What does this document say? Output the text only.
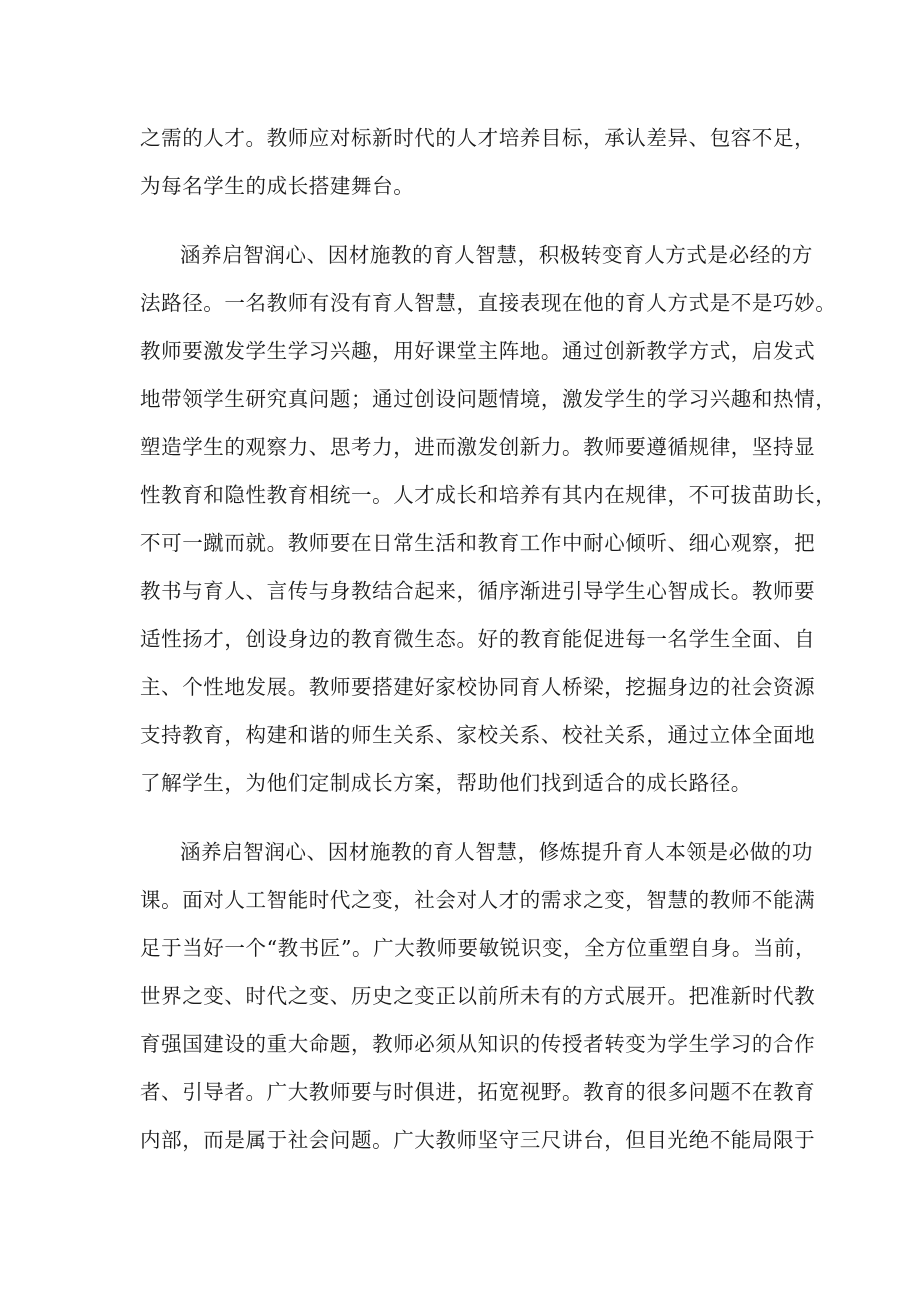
之需的人才。教师应对标新时代的人才培养目标，承认差异、包容不足，

为每名学生的成长搭建舞台。

涵养启智润心、因材施教的育人智慧，积极转变育人方式是必经的方

法路径。一名教师有没有育人智慧，直接表现在他的育人方式是不是巧妙。

教师要激发学生学习兴趣，用好课堂主阵地。通过创新教学方式，启发式

地带领学生研究真问题；通过创设问题情境，激发学生的学习兴趣和热情，

塑造学生的观察力、思考力，进而激发创新力。教师要遵循规律，坚持显

性教育和隐性教育相统一。人才成长和培养有其内在规律，不可拔苗助长，

不可一蹴而就。教师要在日常生活和教育工作中耐心倾听、细心观察，把

教书与育人、言传与身教结合起来，循序渐进引导学生心智成长。教师要

适性扬才，创设身边的教育微生态。好的教育能促进每一名学生全面、自

主、个性地发展。教师要搭建好家校协同育人桥梁，挖掘身边的社会资源

支持教育，构建和谐的师生关系、家校关系、校社关系，通过立体全面地

了解学生，为他们定制成长方案，帮助他们找到适合的成长路径。

涵养启智润心、因材施教的育人智慧，修炼提升育人本领是必做的功

课。面对人工智能时代之变，社会对人才的需求之变，智慧的教师不能满

足于当好一个“教书匠”。广大教师要敏锐识变，全方位重塑自身。当前，

世界之变、时代之变、历史之变正以前所未有的方式展开。把准新时代教

育强国建设的重大命题，教师必须从知识的传授者转变为学生学习的合作

者、引导者。广大教师要与时俱进，拓宽视野。教育的很多问题不在教育

内部，而是属于社会问题。广大教师坚守三尺讲台，但目光绝不能局限于
